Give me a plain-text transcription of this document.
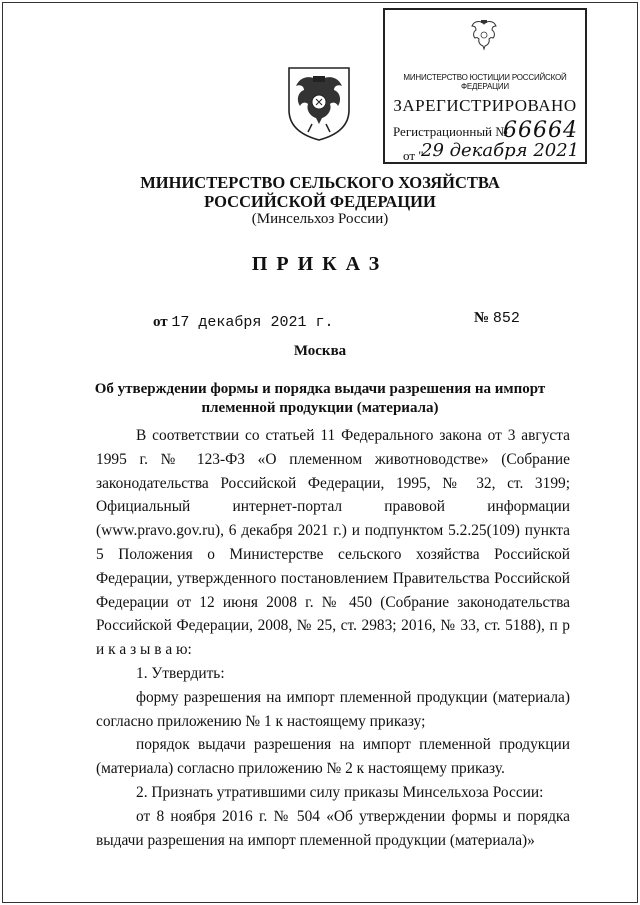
МИНИСТЕРСТВО ЮСТИЦИИ РОССИЙСКОЙ ФЕДЕРАЦИИ
ЗАРЕГИСТРИРОВАНО
Регистрационный №
66664
от "
29 декабря 2021
МИНИСТЕРСТВО СЕЛЬСКОГО ХОЗЯЙСТВА
РОССИЙСКОЙ ФЕДЕРАЦИИ
(Минсельхоз России)
ПРИКАЗ
от 17 декабря 2021 г.	№ 852
Москва
Об утверждении формы и порядка выдачи разрешения на импорт племенной продукции (материала)

В соответствии со статьей 11 Федерального закона от 3 августа 1995 г. № 123-ФЗ «О племенном животноводстве» (Собрание законодательства Российской Федерации, 1995, № 32, ст. 3199; Официальный интернет-портал правовой информации (www.pravo.gov.ru), 6 декабря 2021 г.) и подпунктом 5.2.25(109) пункта 5 Положения о Министерстве сельского хозяйства Российской Федерации, утвержденного постановлением Правительства Российской Федерации от 12 июня 2008 г. № 450 (Собрание законодательства Российской Федерации, 2008, № 25, ст. 2983; 2016, № 33, ст. 5188), п р и к а з ы в а ю:

1. Утвердить:

форму разрешения на импорт племенной продукции (материала) согласно приложению № 1 к настоящему приказу;

порядок выдачи разрешения на импорт племенной продукции (материала) согласно приложению № 2 к настоящему приказу.

2. Признать утратившими силу приказы Минсельхоза России:

от 8 ноября 2016 г. № 504 «Об утверждении формы и порядка выдачи разрешения на импорт племенной продукции (материала)»
